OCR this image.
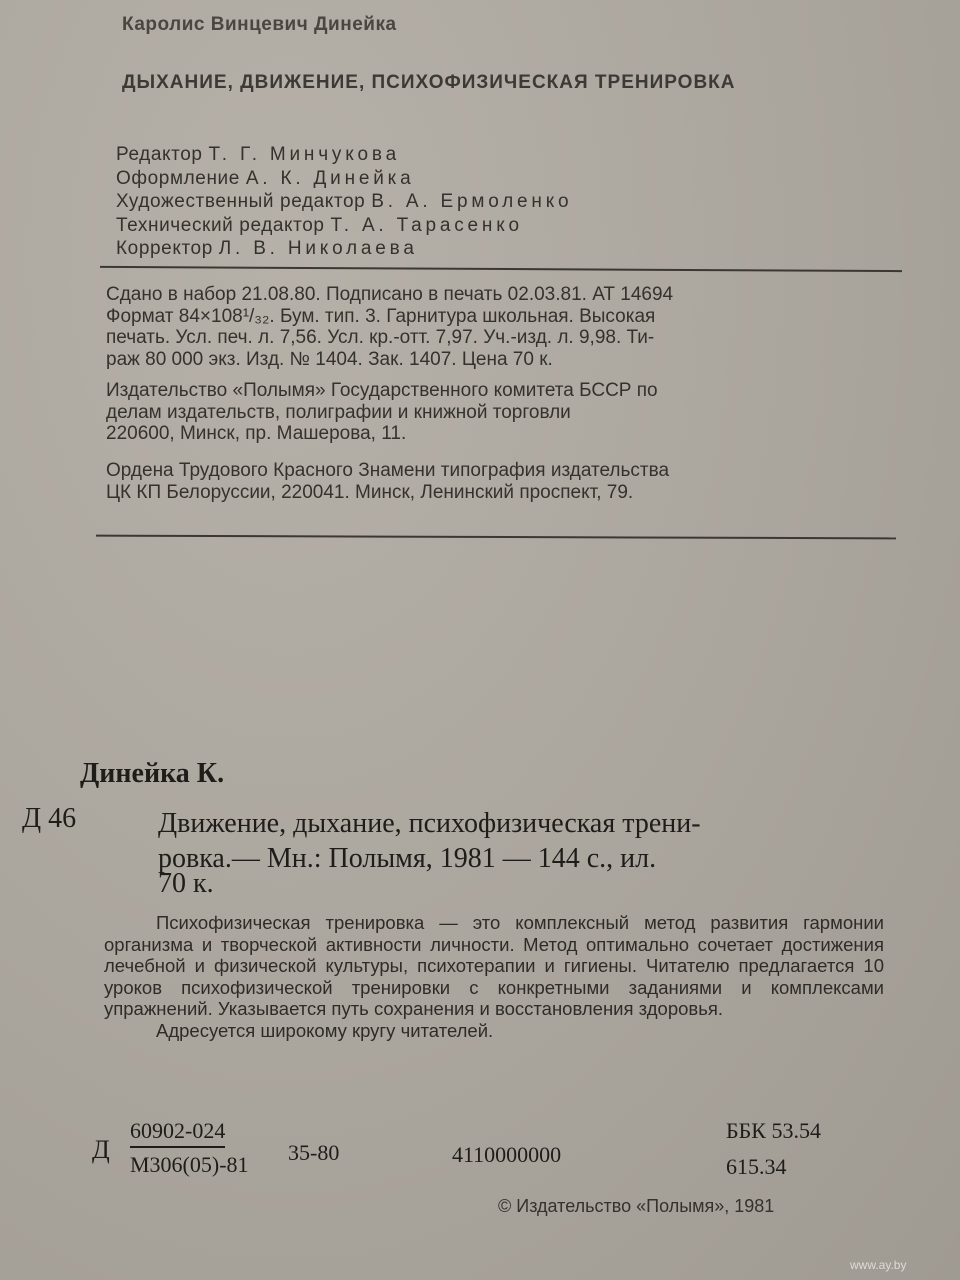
Каролис Винцевич Динейка
ДЫХАНИЕ, ДВИЖЕНИЕ, ПСИХОФИЗИЧЕСКАЯ ТРЕНИРОВКА
Редактор Т. Г. Минчукова
Оформление А. К. Динейка
Художественный редактор В. А. Ермоленко
Технический редактор Т. А. Тарасенко
Корректор Л. В. Николаева
Сдано в набор 21.08.80. Подписано в печать 02.03.81. АТ 14694
Формат 84×108¹/₃₂. Бум. тип. 3. Гарнитура школьная. Высокая
печать. Усл. печ. л. 7,56. Усл. кр.-отт. 7,97. Уч.-изд. л. 9,98. Ти-
раж 80 000 экз. Изд. № 1404. Зак. 1407. Цена 70 к.
Издательство «Полымя» Государственного комитета БССР по
делам издательств, полиграфии и книжной торговли
220600, Минск, пр. Машерова, 11.
Ордена Трудового Красного Знамени типография издательства
ЦК КП Белоруссии, 220041. Минск, Ленинский проспект, 79.
Динейка К.
Д 46	Движение, дыхание, психофизическая трени-
ровка.— Мн.: Полымя, 1981 — 144 с., ил.
70 к.

Психофизическая тренировка — это комплексный метод развития гармонии организма и творческой активности личности. Метод оптимально сочетает достижения лечебной и физической культуры, психотерапии и гигиены. Читателю предлагается 10 уроков психофизической тренировки с конкретными заданиями и комплексами упражнений. Указывается путь сохранения и восстановления здоровья.

Адресуется широкому кругу читателей.

Д
60902-024
М306(05)-81 35-80	4110000000
ББК 53.54
615.34
© Издательство «Полымя», 1981
www.ay.by
